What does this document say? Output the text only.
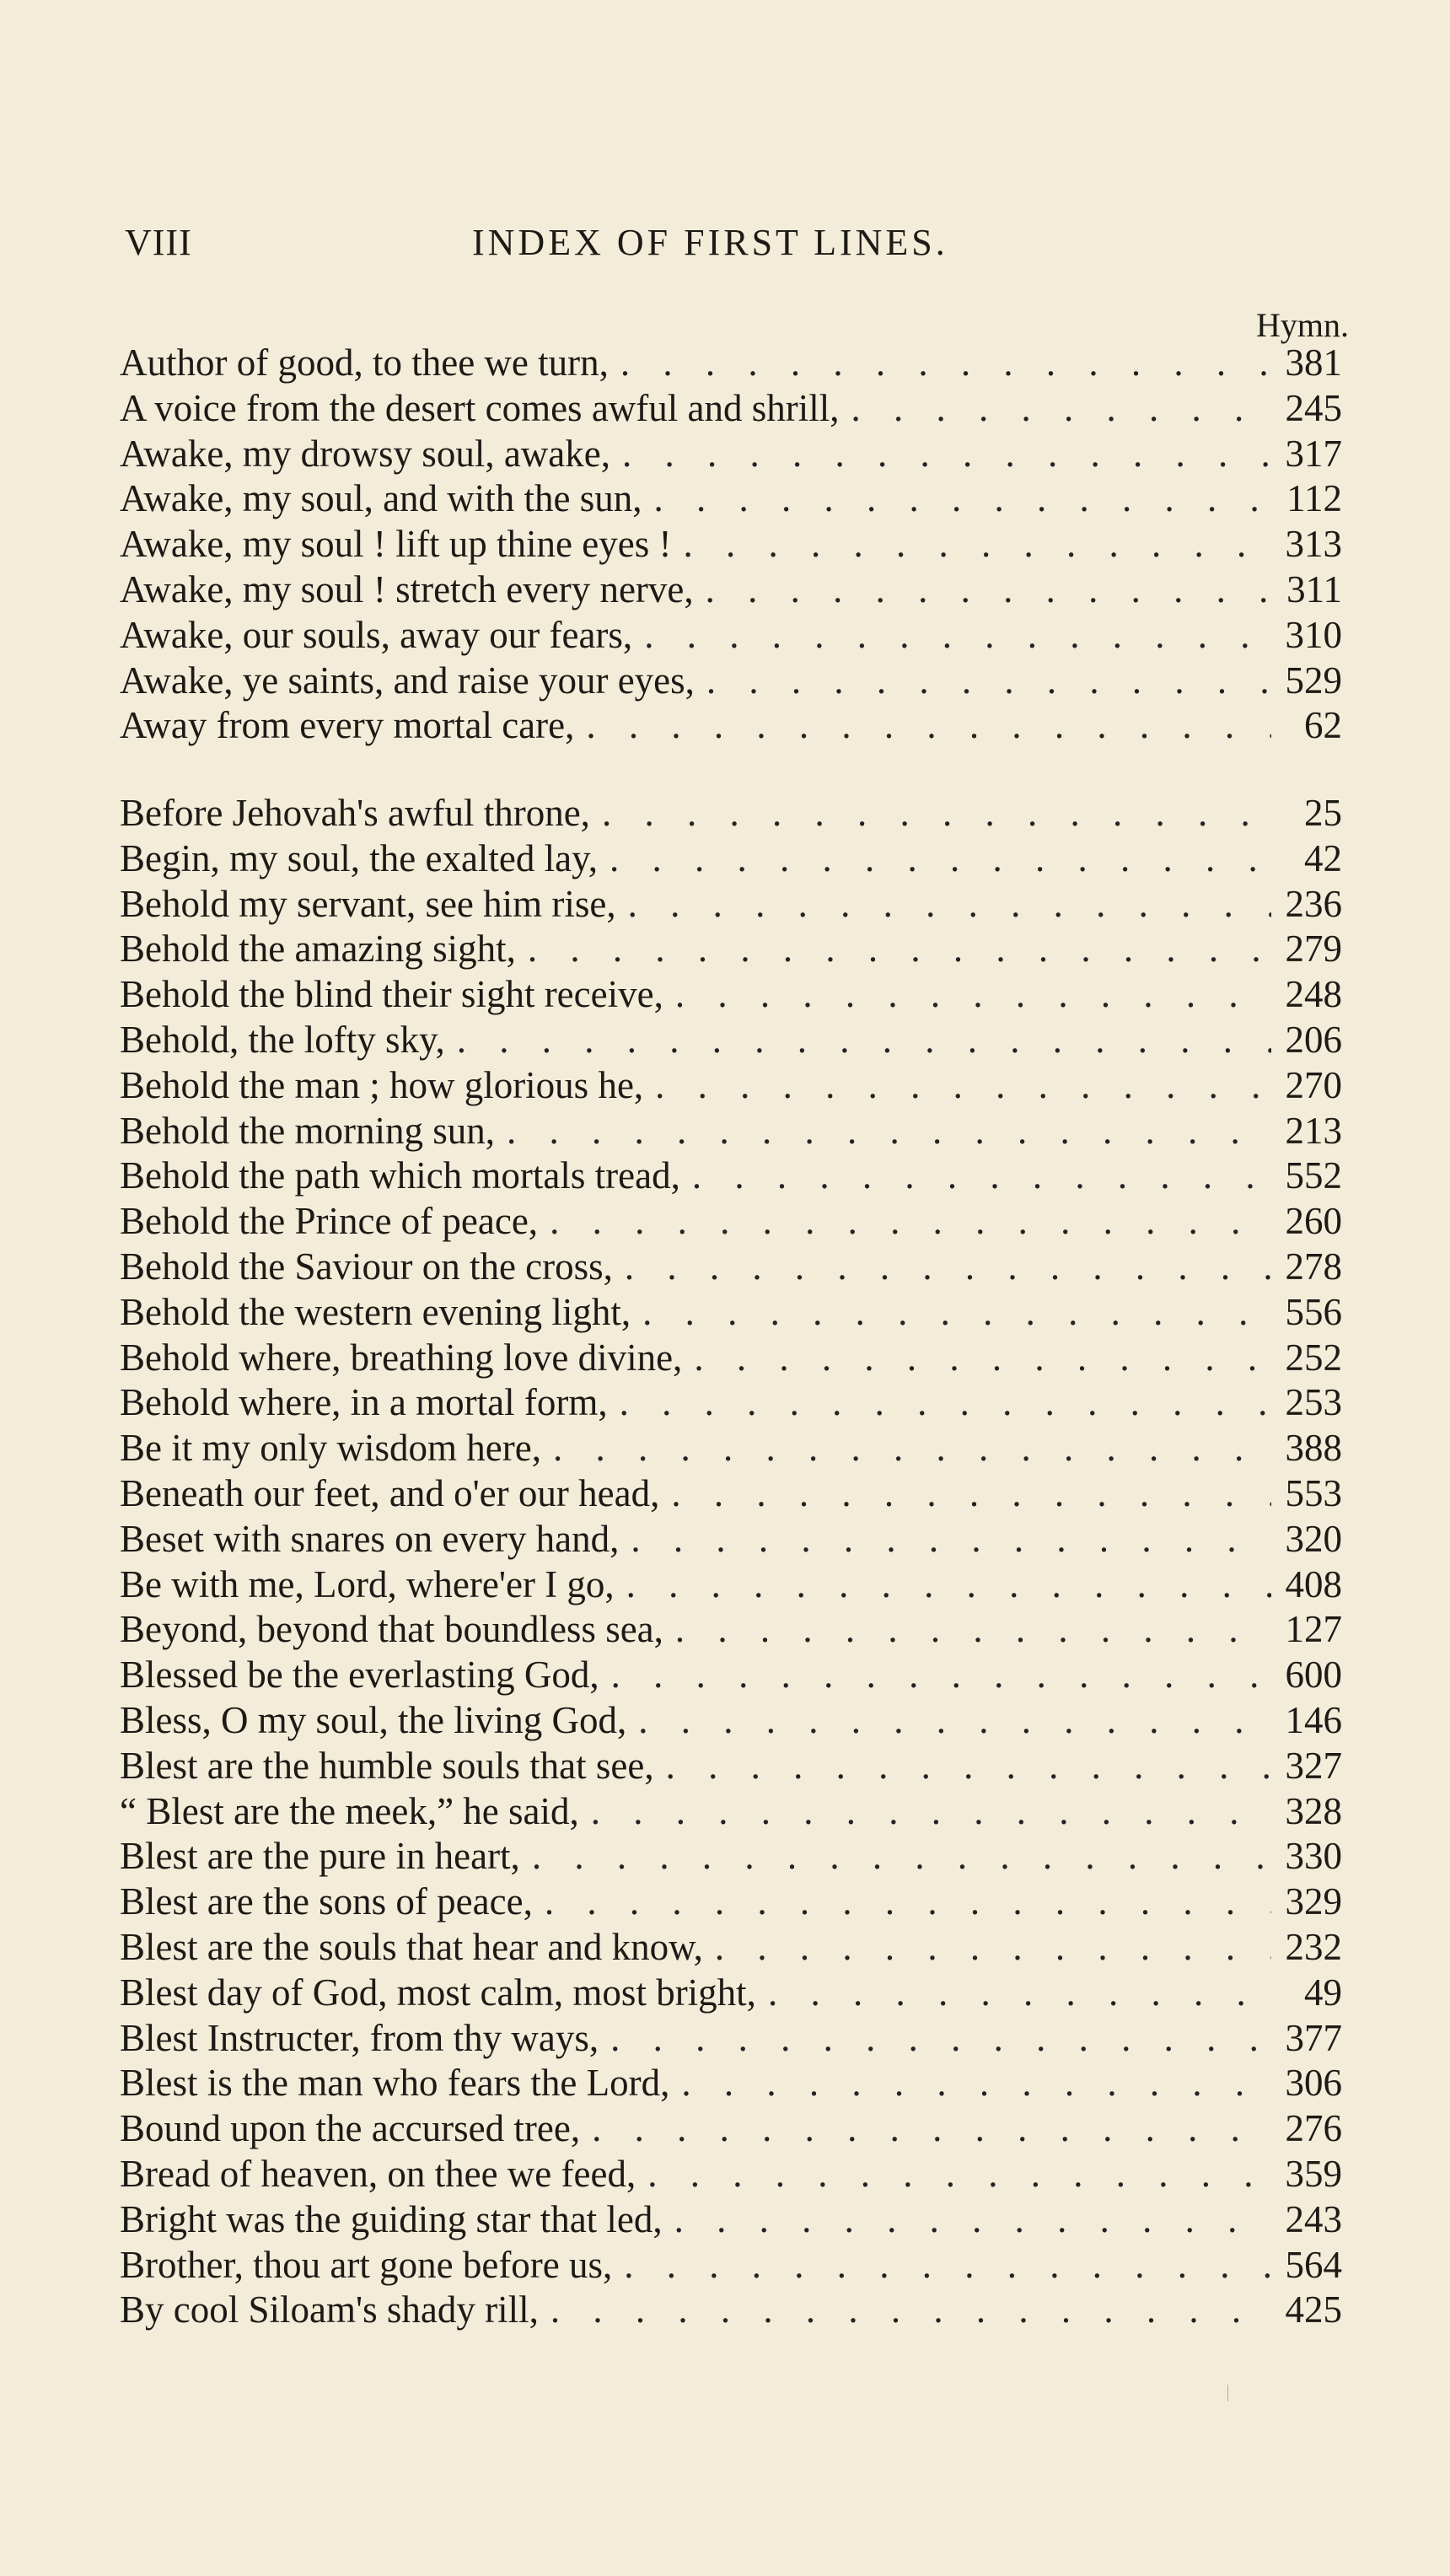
VIII	INDEX OF FIRST LINES.
Hymn.
Author of good, to thee we turn, . . .	381
A voice from the desert comes awful and shrill, . . .	245
Awake, my drowsy soul, awake, . . .	317
Awake, my soul, and with the sun, . . .	112
Awake, my soul ! lift up thine eyes ! . . .	313
Awake, my soul ! stretch every nerve, . . .	311
Awake, our souls, away our fears, . . .	310
Awake, ye saints, and raise your eyes, . . .	529
Away from every mortal care, . . .	62
Before Jehovah's awful throne, . . .	25
Begin, my soul, the exalted lay, . . .	42
Behold my servant, see him rise, . . .	236
Behold the amazing sight, . . .	279
Behold the blind their sight receive, . . .	248
Behold, the lofty sky, . . .	206
Behold the man ; how glorious he, . . .	270
Behold the morning sun, . . .	213
Behold the path which mortals tread, . . .	552
Behold the Prince of peace, . . .	260
Behold the Saviour on the cross, . . .	278
Behold the western evening light, . . .	556
Behold where, breathing love divine, . . .	252
Behold where, in a mortal form, . . .	253
Be it my only wisdom here, . . .	388
Beneath our feet, and o'er our head, . . .	553
Beset with snares on every hand, . . .	320
Be with me, Lord, where'er I go, . . .	408
Beyond, beyond that boundless sea, . . .	127
Blessed be the everlasting God, . . .	600
Bless, O my soul, the living God, . . .	146
Blest are the humble souls that see, . . .	327
“ Blest are the meek,” he said, . . .	328
Blest are the pure in heart, . . .	330
Blest are the sons of peace, . . .	329
Blest are the souls that hear and know, . . .	232
Blest day of God, most calm, most bright, . . .	49
Blest Instructer, from thy ways, . . .	377
Blest is the man who fears the Lord, . . .	306
Bound upon the accursed tree, . . .	276
Bread of heaven, on thee we feed, . . .	359
Bright was the guiding star that led, . . .	243
Brother, thou art gone before us, . . .	564
By cool Siloam's shady rill, . . .	425
